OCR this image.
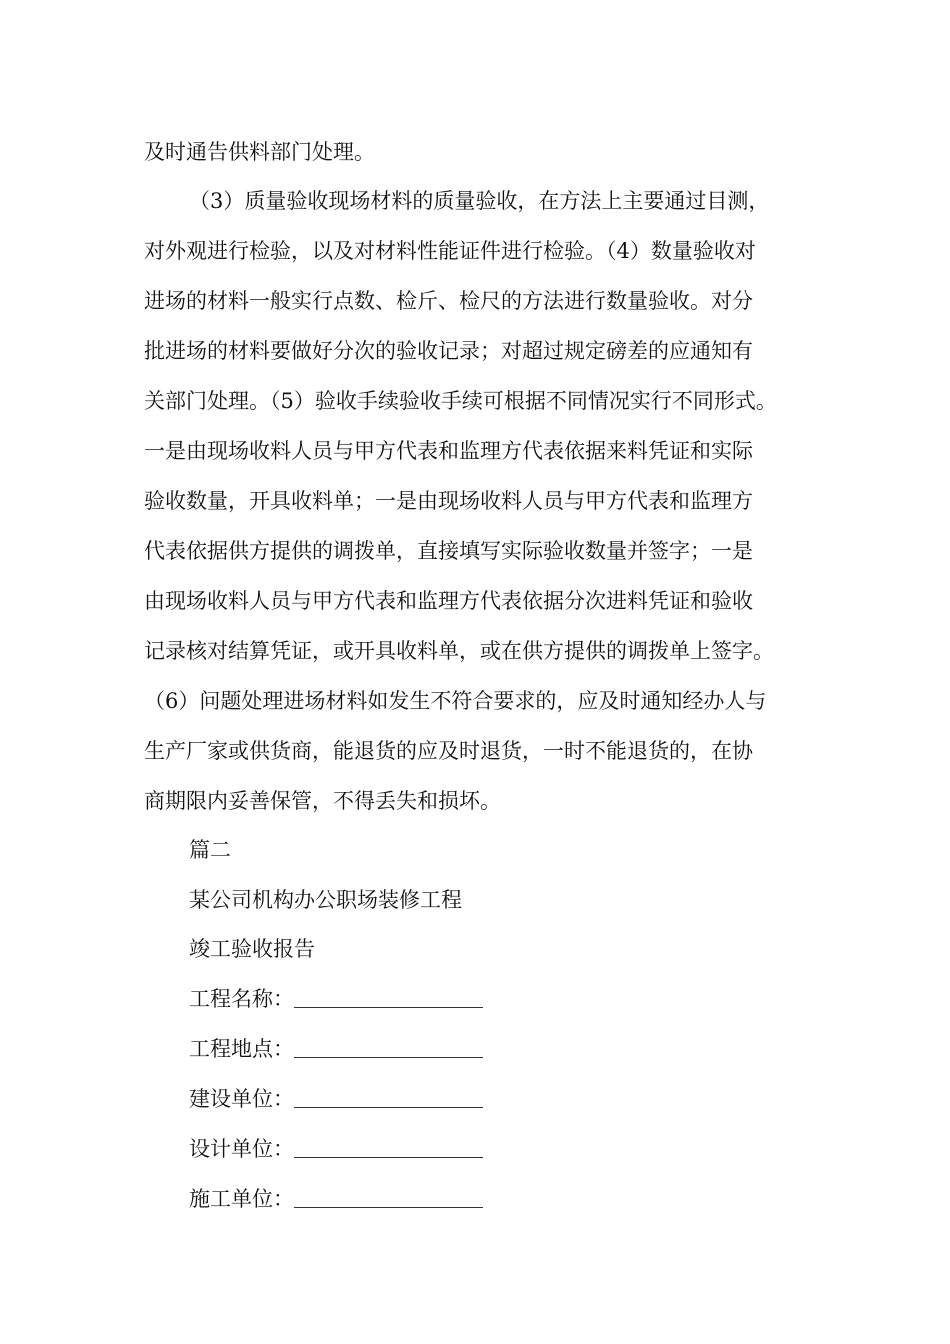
及时通告供料部门处理。
（3）质量验收现场材料的质量验收，在方法上主要通过目测，
对外观进行检验，以及对材料性能证件进行检验。（4）数量验收对
进场的材料一般实行点数、检斤、检尺的方法进行数量验收。对分
批进场的材料要做好分次的验收记录；对超过规定磅差的应通知有
关部门处理。（5）验收手续验收手续可根据不同情况实行不同形式。
一是由现场收料人员与甲方代表和监理方代表依据来料凭证和实际
验收数量，开具收料单；一是由现场收料人员与甲方代表和监理方
代表依据供方提供的调拨单，直接填写实际验收数量并签字；一是
由现场收料人员与甲方代表和监理方代表依据分次进料凭证和验收
记录核对结算凭证，或开具收料单，或在供方提供的调拨单上签字。
（6）问题处理进场材料如发生不符合要求的，应及时通知经办人与
生产厂家或供货商，能退货的应及时退货，一时不能退货的，在协
商期限内妥善保管，不得丢失和损坏。
篇二
某公司机构办公职场装修工程
竣工验收报告
工程名称：
工程地点：
建设单位：
设计单位：
施工单位：
